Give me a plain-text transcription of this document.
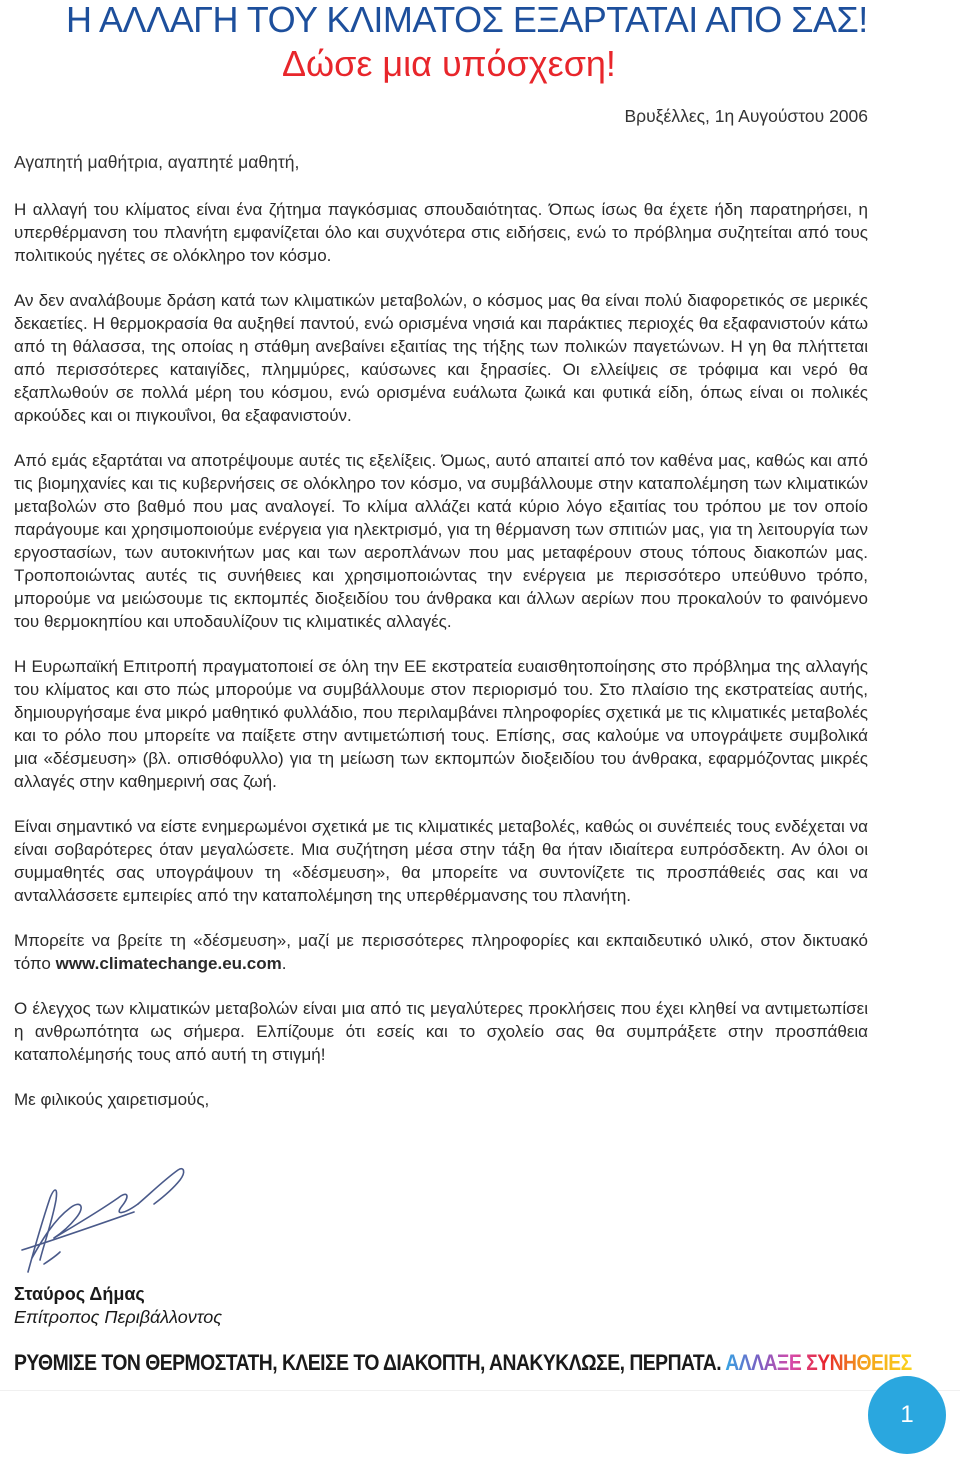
Η ΑΛΛΑΓΗ ΤΟΥ ΚΛΙΜΑΤΟΣ ΕΞΑΡΤΑΤΑΙ ΑΠΟ ΣΑΣ!
Δώσε μια υπόσχεση!
Βρυξέλλες, 1η Αυγούστου 2006
Αγαπητή μαθήτρια, αγαπητέ μαθητή,

Η αλλαγή του κλίματος είναι ένα ζήτημα παγκόσμιας σπουδαιότητας. Όπως ίσως θα έχετε ήδη παρατηρήσει, η υπερθέρμανση του πλανήτη εμφανίζεται όλο και συχνότερα στις ειδήσεις, ενώ το πρόβλημα συζητείται από τους πολιτικούς ηγέτες σε ολόκληρο τον κόσμο.

Αν δεν αναλάβουμε δράση κατά των κλιματικών μεταβολών, ο κόσμος μας θα είναι πολύ διαφορετικός σε μερικές δεκαετίες. Η θερμοκρασία θα αυξηθεί παντού, ενώ ορισμένα νησιά και παράκτιες περιοχές θα εξαφανιστούν κάτω από τη θάλασσα, της οποίας η στάθμη ανεβαίνει εξαιτίας της τήξης των πολικών παγετώνων. Η γη θα πλήττεται από περισσότερες καταιγίδες, πλημμύρες, καύσωνες και ξηρασίες. Οι ελλείψεις σε τρόφιμα και νερό θα εξαπλωθούν σε πολλά μέρη του κόσμου, ενώ ορισμένα ευάλωτα ζωικά και φυτικά είδη, όπως είναι οι πολικές αρκούδες και οι πιγκουΐνοι, θα εξαφανιστούν.

Από εμάς εξαρτάται να αποτρέψουμε αυτές τις εξελίξεις. Όμως, αυτό απαιτεί από τον καθένα μας, καθώς και από τις βιομηχανίες και τις κυβερνήσεις σε ολόκληρο τον κόσμο, να συμβάλλουμε στην καταπολέμηση των κλιματικών μεταβολών στο βαθμό που μας αναλογεί. Το κλίμα αλλάζει κατά κύριο λόγο εξαιτίας του τρόπου με τον οποίο παράγουμε και χρησιμοποιούμε ενέργεια για ηλεκτρισμό, για τη θέρμανση των σπιτιών μας, για τη λειτουργία των εργοστασίων, των αυτοκινήτων μας και των αεροπλάνων που μας μεταφέρουν στους τόπους διακοπών μας. Τροποποιώντας αυτές τις συνήθειες και χρησιμοποιώντας την ενέργεια με περισσότερο υπεύθυνο τρόπο, μπορούμε να μειώσουμε τις εκπομπές διοξειδίου του άνθρακα και άλλων αερίων που προκαλούν το φαινόμενο του θερμοκηπίου και υποδαυλίζουν τις κλιματικές αλλαγές.

Η Ευρωπαϊκή Επιτροπή πραγματοποιεί σε όλη την ΕΕ εκστρατεία ευαισθητοποίησης στο πρόβλημα της αλλαγής του κλίματος και στο πώς μπορούμε να συμβάλλουμε στον περιορισμό του. Στο πλαίσιο της εκστρατείας αυτής, δημιουργήσαμε ένα μικρό μαθητικό φυλλάδιο, που περιλαμβάνει πληροφορίες σχετικά με τις κλιματικές μεταβολές και το ρόλο που μπορείτε να παίξετε στην αντιμετώπισή τους. Επίσης, σας καλούμε να υπογράψετε συμβολικά μια «δέσμευση» (βλ. οπισθόφυλλο) για τη μείωση των εκπομπών διοξειδίου του άνθρακα, εφαρμόζοντας μικρές αλλαγές στην καθημερινή σας ζωή.

Είναι σημαντικό να είστε ενημερωμένοι σχετικά με τις κλιματικές μεταβολές, καθώς οι συνέπειές τους ενδέχεται να είναι σοβαρότερες όταν μεγαλώσετε. Μια συζήτηση μέσα στην τάξη θα ήταν ιδιαίτερα ευπρόσδεκτη. Αν όλοι οι συμμαθητές σας υπογράψουν τη «δέσμευση», θα μπορείτε να συντονίζετε τις προσπάθειές σας και να ανταλλάσσετε εμπειρίες από την καταπολέμηση της υπερθέρμανσης του πλανήτη.

Μπορείτε να βρείτε τη «δέσμευση», μαζί με περισσότερες πληροφορίες και εκπαιδευτικό υλικό, στον δικτυακό τόπο www.climatechange.eu.com.

Ο έλεγχος των κλιματικών μεταβολών είναι μια από τις μεγαλύτερες προκλήσεις που έχει κληθεί να αντιμετωπίσει η ανθρωπότητα ως σήμερα. Ελπίζουμε ότι εσείς και το σχολείο σας θα συμπράξετε στην προσπάθεια καταπολέμησής τους από αυτή τη στιγμή!

Με φιλικούς χαιρετισμούς,

Σταύρος Δήμας
Επίτροπος Περιβάλλοντος
ΡΥΘΜΙΣΕ ΤΟΝ ΘΕΡΜΟΣΤΑΤΗ, ΚΛΕΙΣΕ ΤΟ ΔΙΑΚΟΠΤΗ, ΑΝΑΚΥΚΛΩΣΕ, ΠΕΡΠΑΤΑ. ΑΛΛΑΞΕ ΣΥΝΗΘΕΙΕΣ
1
